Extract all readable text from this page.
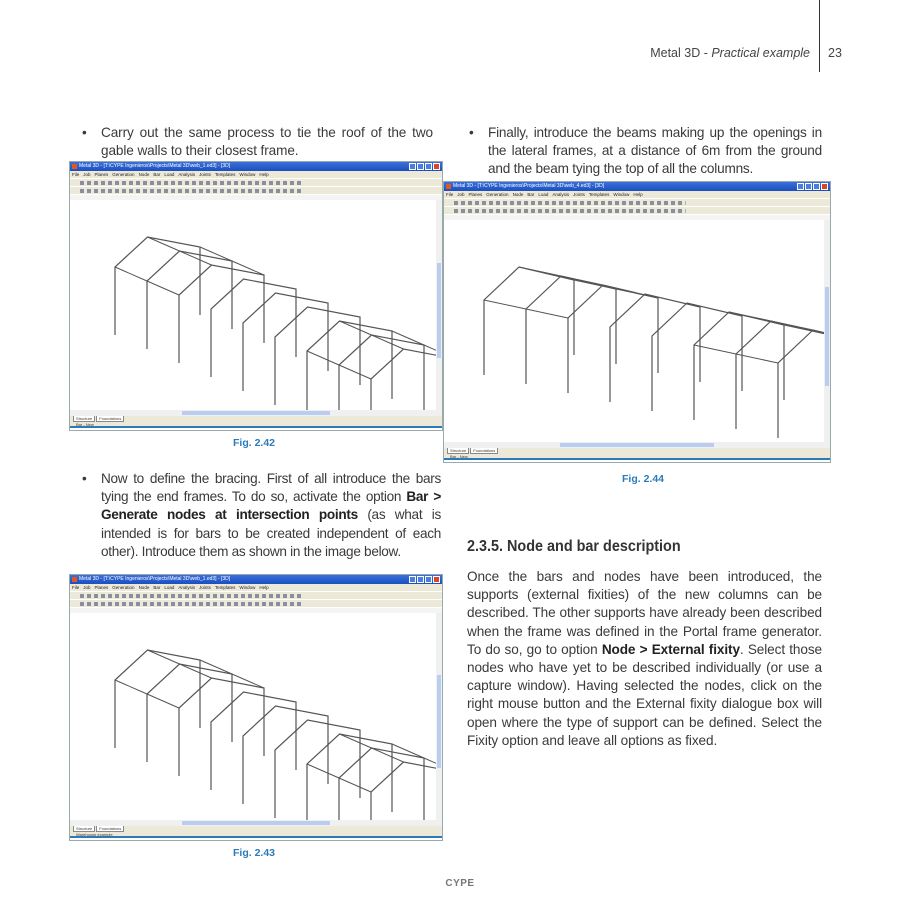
Metal 3D - Practical example 23
• Carry out the same process to tie the roof of the two gable walls to their closest frame.
• Now to define the bracing. First of all introduce the bars tying the end frames. To do so, activate the option Bar > Generate nodes at intersection points (as what is intended is for bars to be created independent of each other). Introduce them as shown in the image below.
• Finally, introduce the beams making up the openings in the lateral frames, at a distance of 6m from the ground and the beam tying the top of all the columns.
2.3.5. Node and bar description
Once the bars and nodes have been introduced, the supports (external fixities) of the new columns can be described. The other supports have already been described when the frame was defined in the Portal frame generator. To do so, go to option Node > External fixity. Select those nodes who have yet to be described individually (or use a capture window). Having selected the nodes, click on the right mouse button and the External fixity dialogue box will open where the type of support can be defined. Select the Fixity option and leave all options as fixed.
Metal 3D - [T:\CYPE Ingenieros\Projects\Metal 3D\web_1.ed3] - [3D]
File Job Planes Generation Node Bar Load Analysis Joints Templates Window Help
Structure Foundations
Bar - New
Metal 3D - [T:\CYPE Ingenieros\Projects\Metal 3D\web_4.ed3] - [3D]
File Job Planes Generation Node Bar Load Analysis Joints Templates Window Help
Structure Foundations
Bar - New
Metal 3D - [T:\CYPE Ingenieros\Projects\Metal 3D\web_1.ed3] - [3D]
File Job Planes Generation Node Bar Load Analysis Joints Templates Window Help
Structure Foundations
Warehouse example
Fig. 2.42
Fig. 2.44
Fig. 2.43
CYPE
